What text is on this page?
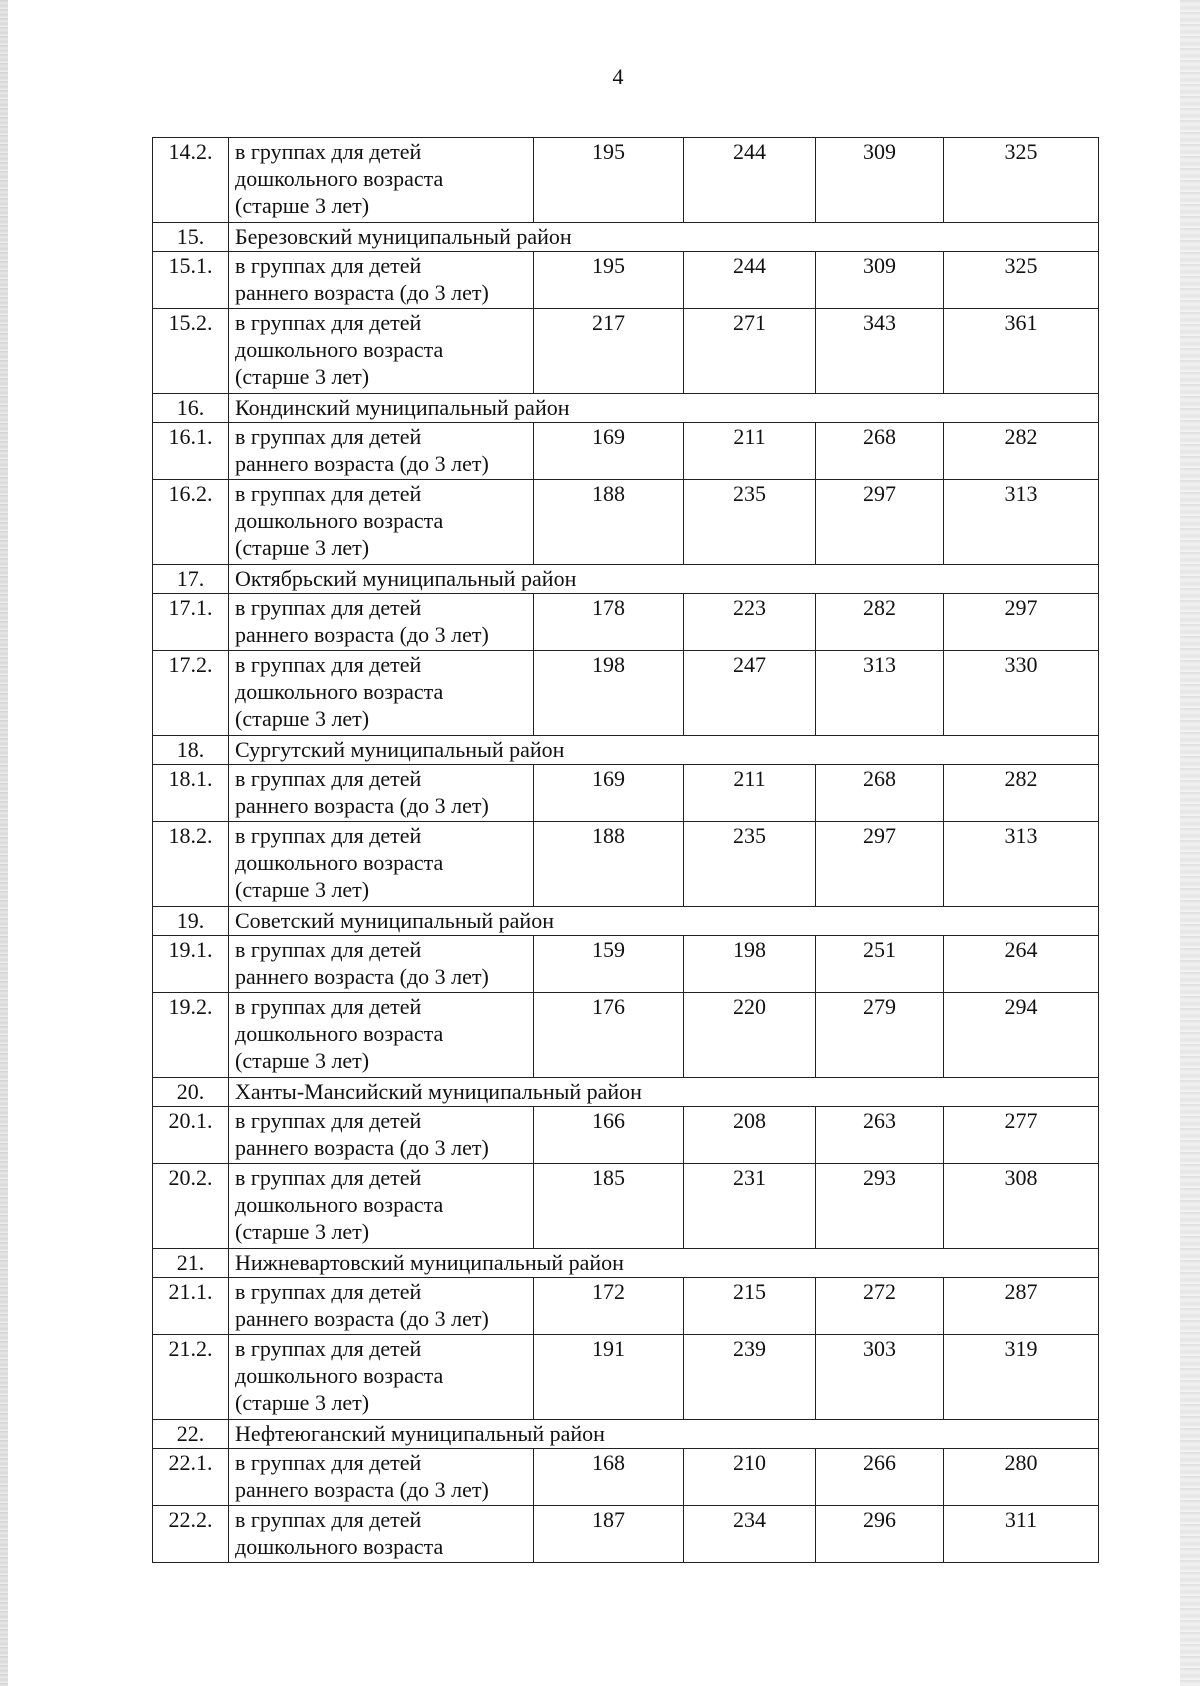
4
14.2.	в группах для детей
дошкольного возраста
(старше 3 лет)	195	244	309	325
15.	Березовский муниципальный район				

15.1.	в группах для детей
раннего возраста (до 3 лет)	195	244	309	325
15.2.	в группах для детей
дошкольного возраста
(старше 3 лет)	217	271	343	361
16.	Кондинский муниципальный район				

16.1.	в группах для детей
раннего возраста (до 3 лет)	169	211	268	282
16.2.	в группах для детей
дошкольного возраста
(старше 3 лет)	188	235	297	313
17.	Октябрьский муниципальный район				

17.1.	в группах для детей
раннего возраста (до 3 лет)	178	223	282	297
17.2.	в группах для детей
дошкольного возраста
(старше 3 лет)	198	247	313	330
18.	Сургутский муниципальный район				

18.1.	в группах для детей
раннего возраста (до 3 лет)	169	211	268	282
18.2.	в группах для детей
дошкольного возраста
(старше 3 лет)	188	235	297	313
19.	Советский муниципальный район				

19.1.	в группах для детей
раннего возраста (до 3 лет)	159	198	251	264
19.2.	в группах для детей
дошкольного возраста
(старше 3 лет)	176	220	279	294
20.	Ханты-Мансийский муниципальный район				

20.1.	в группах для детей
раннего возраста (до 3 лет)	166	208	263	277
20.2.	в группах для детей
дошкольного возраста
(старше 3 лет)	185	231	293	308
21.	Нижневартовский муниципальный район				

21.1.	в группах для детей
раннего возраста (до 3 лет)	172	215	272	287
21.2.	в группах для детей
дошкольного возраста
(старше 3 лет)	191	239	303	319
22.	Нефтеюганский муниципальный район				

22.1.	в группах для детей
раннего возраста (до 3 лет)	168	210	266	280
22.2.	в группах для детей
дошкольного возраста	187	234	296	311
